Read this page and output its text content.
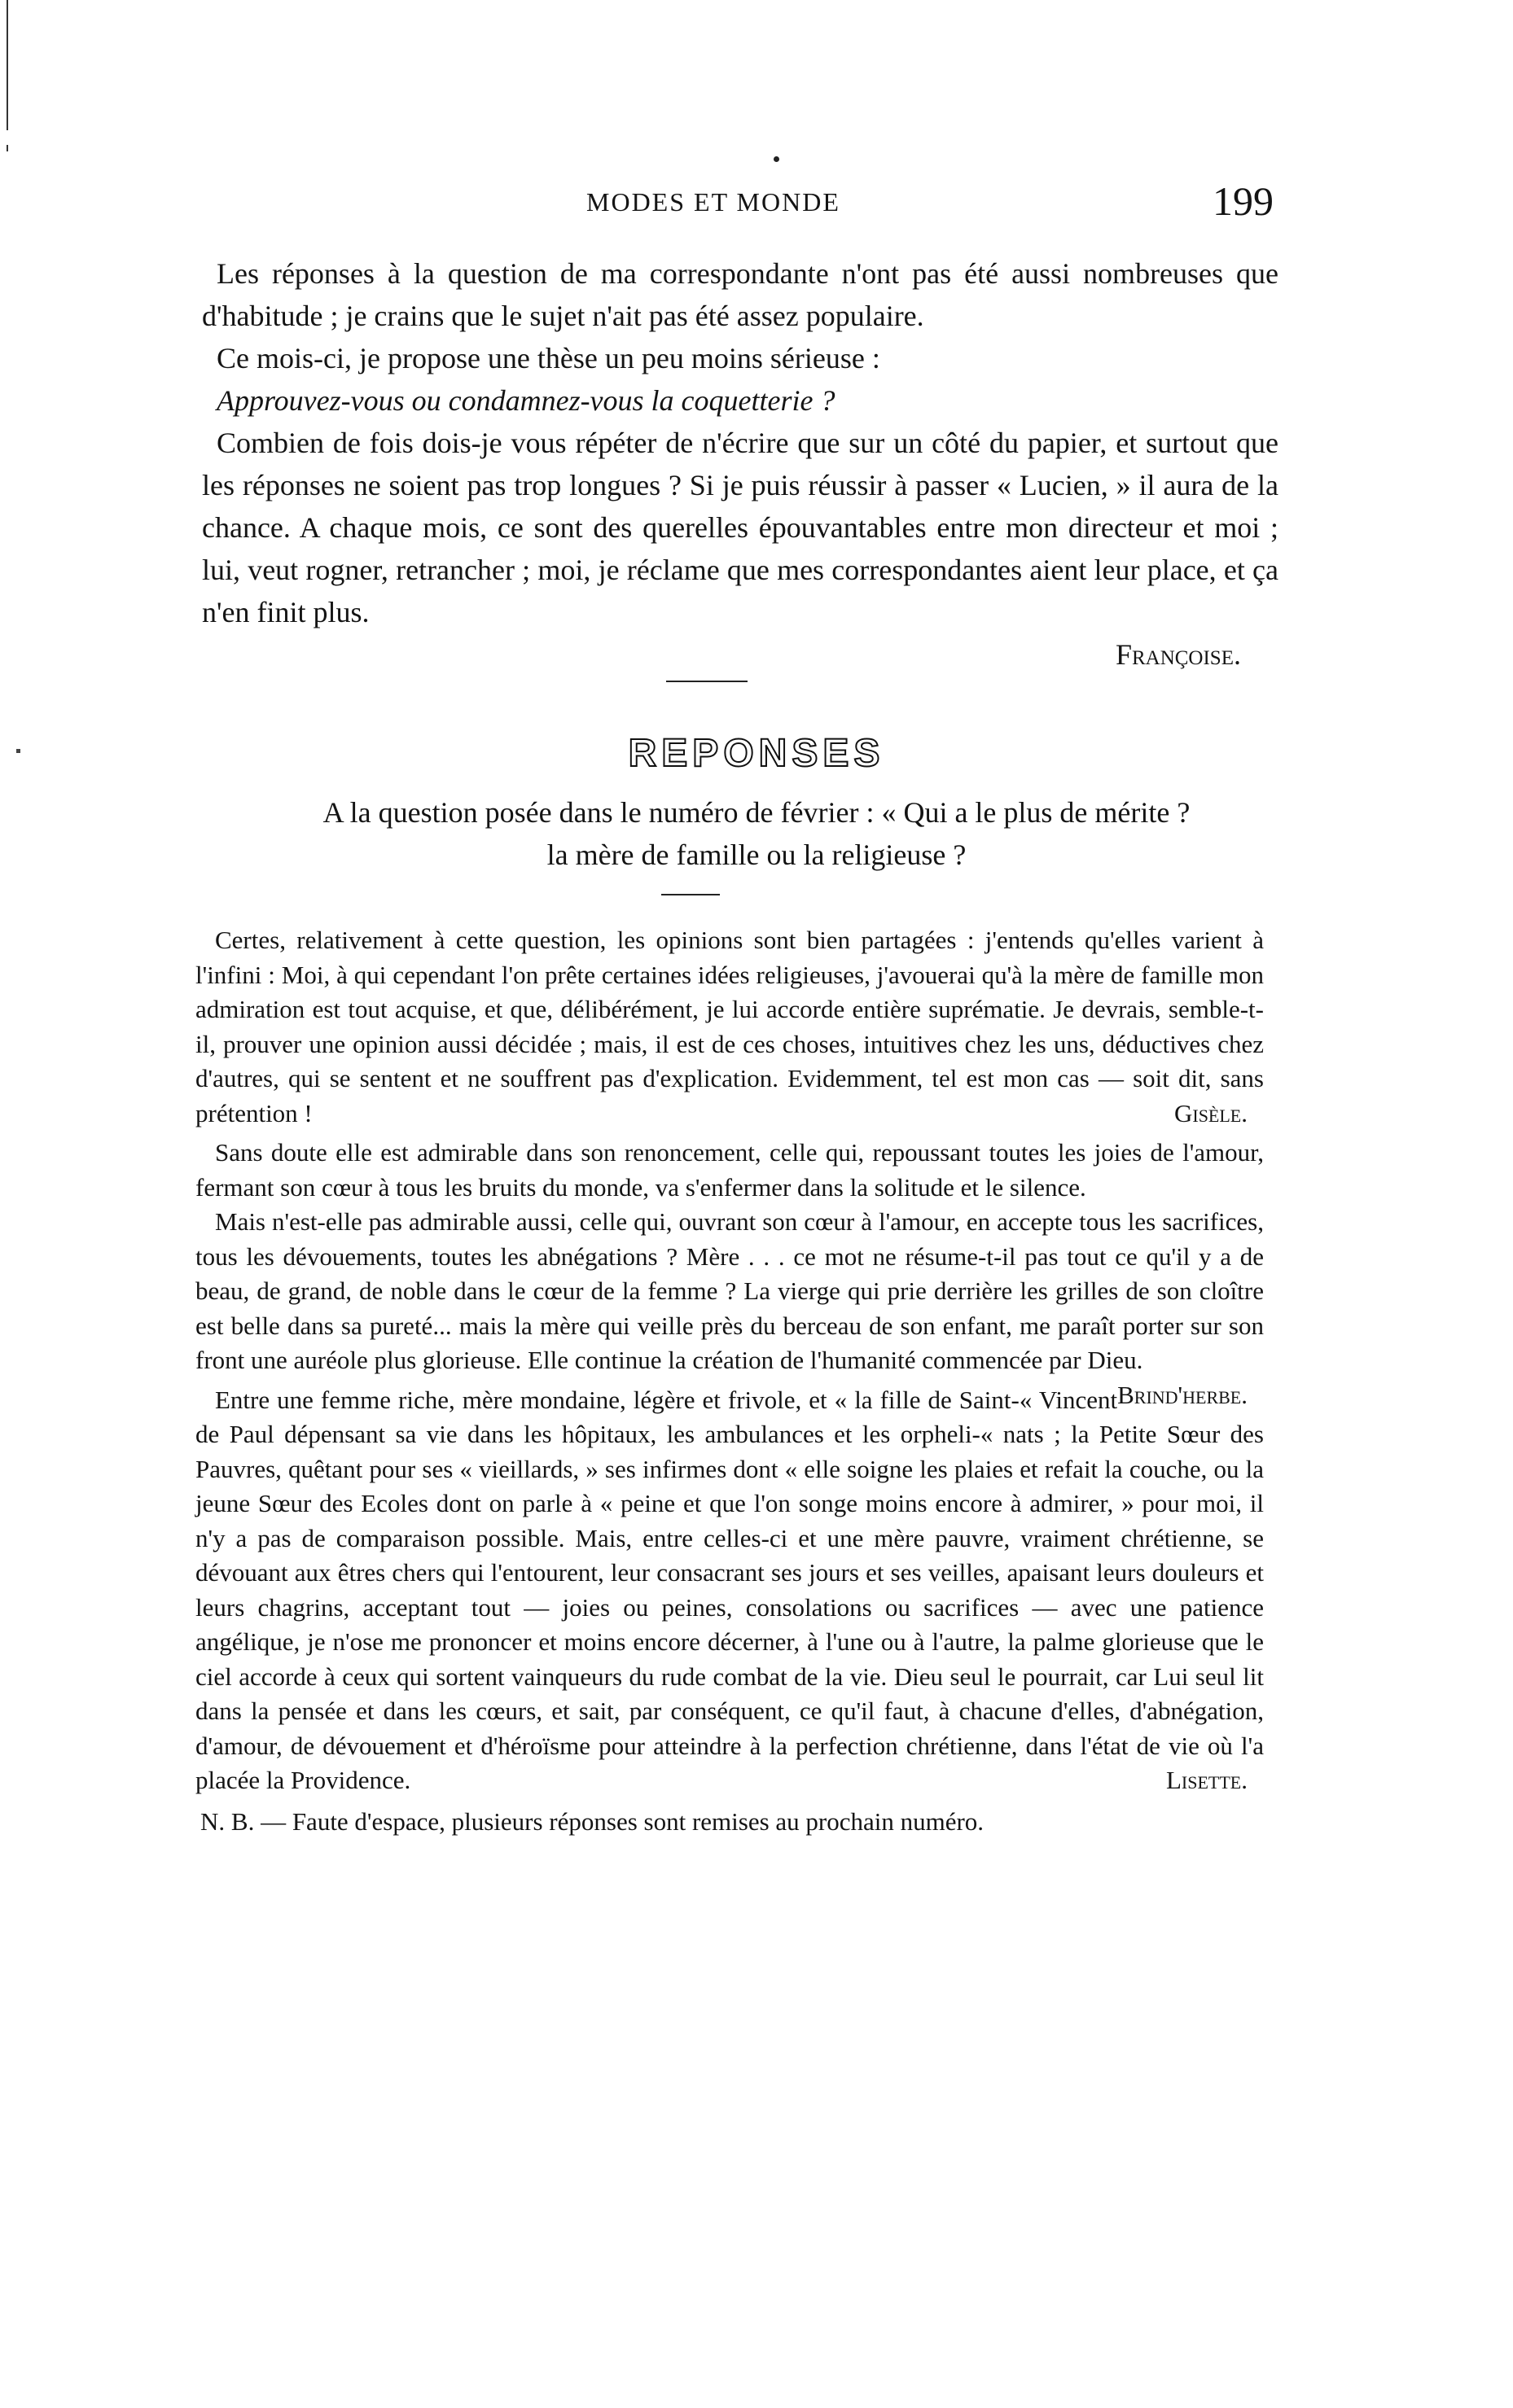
MODES ET MONDE	199

Les réponses à la question de ma correspondante n'ont pas été aussi nombreuses que d'habitude ; je crains que le sujet n'ait pas été assez populaire.

Ce mois-ci, je propose une thèse un peu moins sérieuse :

Approuvez-vous ou condamnez-vous la coquetterie ?

Combien de fois dois-je vous répéter de n'écrire que sur un côté du papier, et surtout que les réponses ne soient pas trop longues ? Si je puis réussir à passer « Lucien, » il aura de la chance. A chaque mois, ce sont des querelles épouvantables entre mon directeur et moi ; lui, veut rogner, retrancher ; moi, je réclame que mes correspondantes aient leur place, et ça n'en finit plus.

Françoise.

REPONSES
A la question posée dans le numéro de février : « Qui a le plus de mérite ?
la mère de famille ou la religieuse ?

Certes, relativement à cette question, les opinions sont bien partagées : j'entends qu'elles varient à l'infini : Moi, à qui cependant l'on prête certaines idées religieuses, j'avouerai qu'à la mère de famille mon admiration est tout acquise, et que, délibérément, je lui accorde entière suprématie. Je devrais, semble-t-il, prouver une opinion aussi décidée ; mais, il est de ces choses, intuitives chez les uns, déductives chez d'autres, qui se sentent et ne souffrent pas d'explication. Evidemment, tel est mon cas — soit dit, sans prétention !	Gisèle.

Sans doute elle est admirable dans son renoncement, celle qui, repoussant toutes les joies de l'amour, fermant son cœur à tous les bruits du monde, va s'enfermer dans la solitude et le silence.

Mais n'est-elle pas admirable aussi, celle qui, ouvrant son cœur à l'amour, en accepte tous les sacrifices, tous les dévouements, toutes les abnégations ? Mère . . . ce mot ne résume-t-il pas tout ce qu'il y a de beau, de grand, de noble dans le cœur de la femme ? La vierge qui prie derrière les grilles de son cloître est belle dans sa pureté... mais la mère qui veille près du berceau de son enfant, me paraît porter sur son front une auréole plus glorieuse. Elle continue la création de l'humanité commencée par Dieu.
Brind'herbe.

Entre une femme riche, mère mondaine, légère et frivole, et « la fille de Saint-« Vincent de Paul dépensant sa vie dans les hôpitaux, les ambulances et les orpheli-« nats ; la Petite Sœur des Pauvres, quêtant pour ses « vieillards, » ses infirmes dont « elle soigne les plaies et refait la couche, ou la jeune Sœur des Ecoles dont on parle à « peine et que l'on songe moins encore à admirer, » pour moi, il n'y a pas de comparaison possible. Mais, entre celles-ci et une mère pauvre, vraiment chrétienne, se dévouant aux êtres chers qui l'entourent, leur consacrant ses jours et ses veilles, apaisant leurs douleurs et leurs chagrins, acceptant tout — joies ou peines, consolations ou sacrifices — avec une patience angélique, je n'ose me prononcer et moins encore décerner, à l'une ou à l'autre, la palme glorieuse que le ciel accorde à ceux qui sortent vainqueurs du rude combat de la vie. Dieu seul le pourrait, car Lui seul lit dans la pensée et dans les cœurs, et sait, par conséquent, ce qu'il faut, à chacune d'elles, d'abnégation, d'amour, de dévouement et d'héroïsme pour atteindre à la perfection chrétienne, dans l'état de vie où l'a placée la Providence.	Lisette.

N. B. — Faute d'espace, plusieurs réponses sont remises au prochain numéro.
